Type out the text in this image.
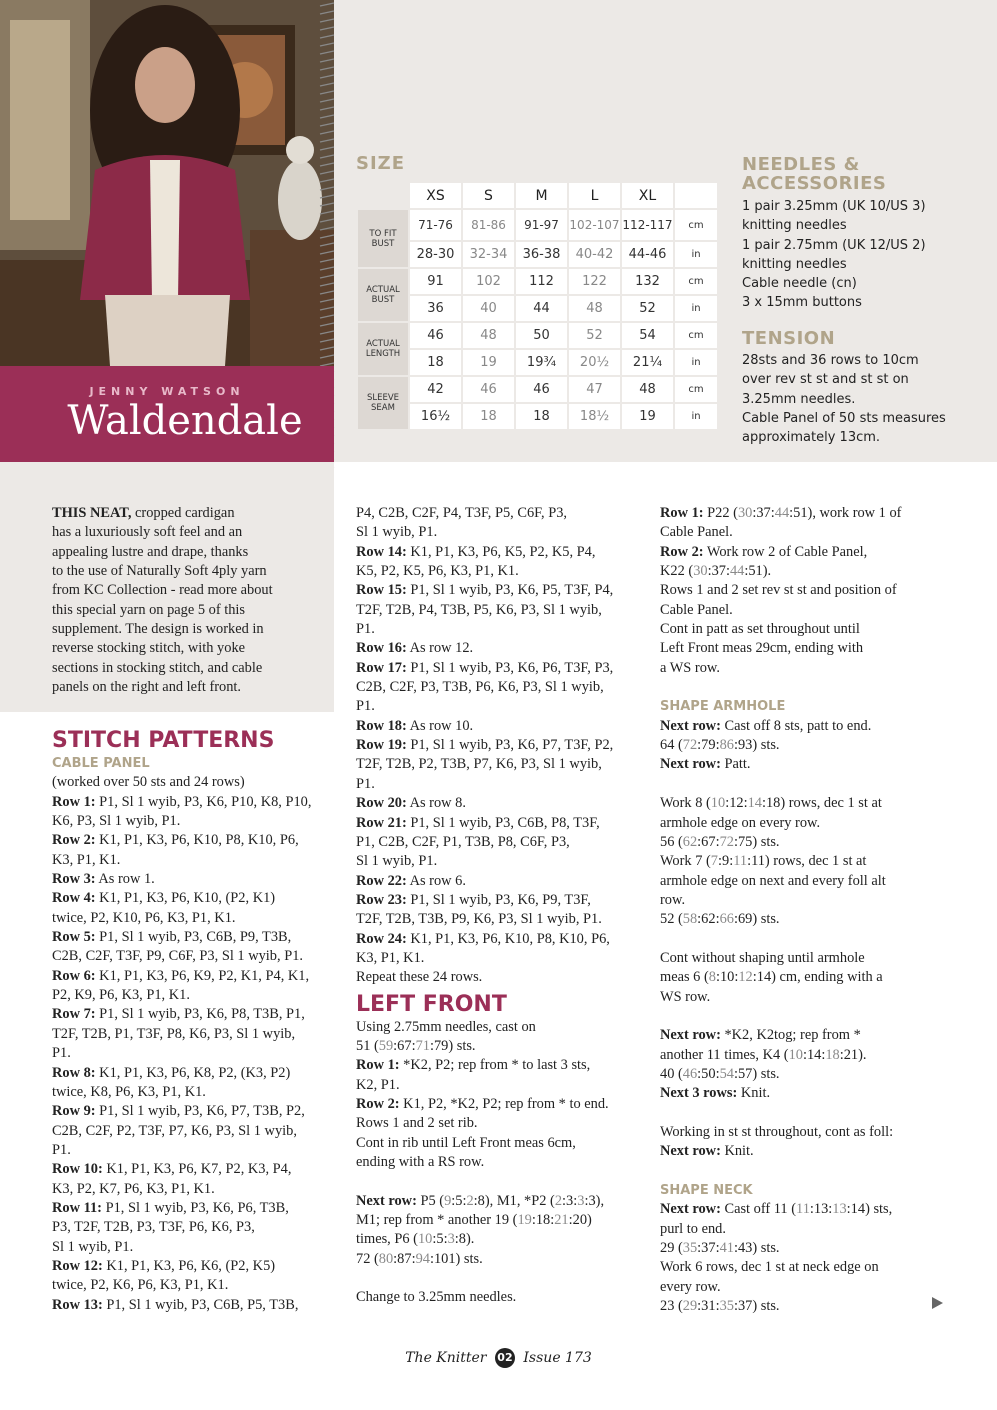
JENNY WATSON
Waldendale
SIZE
	XS	S	M	L	XL	
TO FIT BUST	71-76	81-86	91-97	102-107	112-117	cm
	28-30	32-34	36-38	40-42	44-46	in
ACTUAL BUST	91	102	112	122	132	cm
	36	40	44	48	52	in
ACTUAL LENGTH	46	48	50	52	54	cm
	18	19	19¾	20½	21¼	in
SLEEVE SEAM	42	46	46	47	48	cm
	16½	18	18	18½	19	in
NEEDLES & ACCESSORIES
1 pair 3.25mm (UK 10/US 3)
knitting needles
1 pair 2.75mm (UK 12/US 2)
knitting needles
Cable needle (cn)
3 x 15mm buttons
TENSION
28sts and 36 rows to 10cm
over rev st st and st st on
3.25mm needles.
Cable Panel of 50 sts measures
approximately 13cm.

THIS NEAT, cropped cardigan

has a luxuriously soft feel and an

appealing lustre and drape, thanks

to the use of Naturally Soft 4ply yarn

from KC Collection - read more about

this special yarn on page 5 of this

supplement. The design is worked in

reverse stocking stitch, with yoke

sections in stocking stitch, and cable

panels on the right and left front.

STITCH PATTERNS

CABLE PANEL

(worked over 50 sts and 24 rows)

Row 1: P1, Sl 1 wyib, P3, K6, P10, K8, P10,

K6, P3, Sl 1 wyib, P1.

Row 2: K1, P1, K3, P6, K10, P8, K10, P6,

K3, P1, K1.

Row 3: As row 1.

Row 4: K1, P1, K3, P6, K10, (P2, K1)

twice, P2, K10, P6, K3, P1, K1.

Row 5: P1, Sl 1 wyib, P3, C6B, P9, T3B,

C2B, C2F, T3F, P9, C6F, P3, Sl 1 wyib, P1.

Row 6: K1, P1, K3, P6, K9, P2, K1, P4, K1,

P2, K9, P6, K3, P1, K1.

Row 7: P1, Sl 1 wyib, P3, K6, P8, T3B, P1,

T2F, T2B, P1, T3F, P8, K6, P3, Sl 1 wyib,

P1.

Row 8: K1, P1, K3, P6, K8, P2, (K3, P2)

twice, K8, P6, K3, P1, K1.

Row 9: P1, Sl 1 wyib, P3, K6, P7, T3B, P2,

C2B, C2F, P2, T3F, P7, K6, P3, Sl 1 wyib,

P1.

Row 10: K1, P1, K3, P6, K7, P2, K3, P4,

K3, P2, K7, P6, K3, P1, K1.

Row 11: P1, Sl 1 wyib, P3, K6, P6, T3B,

P3, T2F, T2B, P3, T3F, P6, K6, P3,

Sl 1 wyib, P1.

Row 12: K1, P1, K3, P6, K6, (P2, K5)

twice, P2, K6, P6, K3, P1, K1.

Row 13: P1, Sl 1 wyib, P3, C6B, P5, T3B,

P4, C2B, C2F, P4, T3F, P5, C6F, P3,

Sl 1 wyib, P1.

Row 14: K1, P1, K3, P6, K5, P2, K5, P4,

K5, P2, K5, P6, K3, P1, K1.

Row 15: P1, Sl 1 wyib, P3, K6, P5, T3F, P4,

T2F, T2B, P4, T3B, P5, K6, P3, Sl 1 wyib,

P1.

Row 16: As row 12.

Row 17: P1, Sl 1 wyib, P3, K6, P6, T3F, P3,

C2B, C2F, P3, T3B, P6, K6, P3, Sl 1 wyib,

P1.

Row 18: As row 10.

Row 19: P1, Sl 1 wyib, P3, K6, P7, T3F, P2,

T2F, T2B, P2, T3B, P7, K6, P3, Sl 1 wyib,

P1.

Row 20: As row 8.

Row 21: P1, Sl 1 wyib, P3, C6B, P8, T3F,

P1, C2B, C2F, P1, T3B, P8, C6F, P3,

Sl 1 wyib, P1.

Row 22: As row 6.

Row 23: P1, Sl 1 wyib, P3, K6, P9, T3F,

T2F, T2B, T3B, P9, K6, P3, Sl 1 wyib, P1.

Row 24: K1, P1, K3, P6, K10, P8, K10, P6,

K3, P1, K1.

Repeat these 24 rows.

LEFT FRONT

Using 2.75mm needles, cast on

51 (59:67:71:79) sts.

Row 1: *K2, P2; rep from * to last 3 sts,

K2, P1.

Row 2: K1, P2, *K2, P2; rep from * to end.

Rows 1 and 2 set rib.

Cont in rib until Left Front meas 6cm,

ending with a RS row.

Next row: P5 (9:5:2:8), M1, *P2 (2:3:3:3),

M1; rep from * another 19 (19:18:21:20)

times, P6 (10:5:3:8).

72 (80:87:94:101) sts.

Change to 3.25mm needles.

Row 1: P22 (30:37:44:51), work row 1 of

Cable Panel.

Row 2: Work row 2 of Cable Panel,

K22 (30:37:44:51).

Rows 1 and 2 set rev st st and position of

Cable Panel.

Cont in patt as set throughout until

Left Front meas 29cm, ending with

a WS row.

SHAPE ARMHOLE

Next row: Cast off 8 sts, patt to end.

64 (72:79:86:93) sts.

Next row: Patt.

Work 8 (10:12:14:18) rows, dec 1 st at

armhole edge on every row.

56 (62:67:72:75) sts.

Work 7 (7:9:11:11) rows, dec 1 st at

armhole edge on next and every foll alt

row.

52 (58:62:66:69) sts.

Cont without shaping until armhole

meas 6 (8:10:12:14) cm, ending with a

WS row.

Next row: *K2, K2tog; rep from *

another 11 times, K4 (10:14:18:21).

40 (46:50:54:57) sts.

Next 3 rows: Knit.

Working in st st throughout, cont as foll:

Next row: Knit.

SHAPE NECK

Next row: Cast off 11 (11:13:13:14) sts,

purl to end.

29 (35:37:41:43) sts.

Work 6 rows, dec 1 st at neck edge on

every row.

23 (29:31:35:37) sts.

The Knitter 02 Issue 173
